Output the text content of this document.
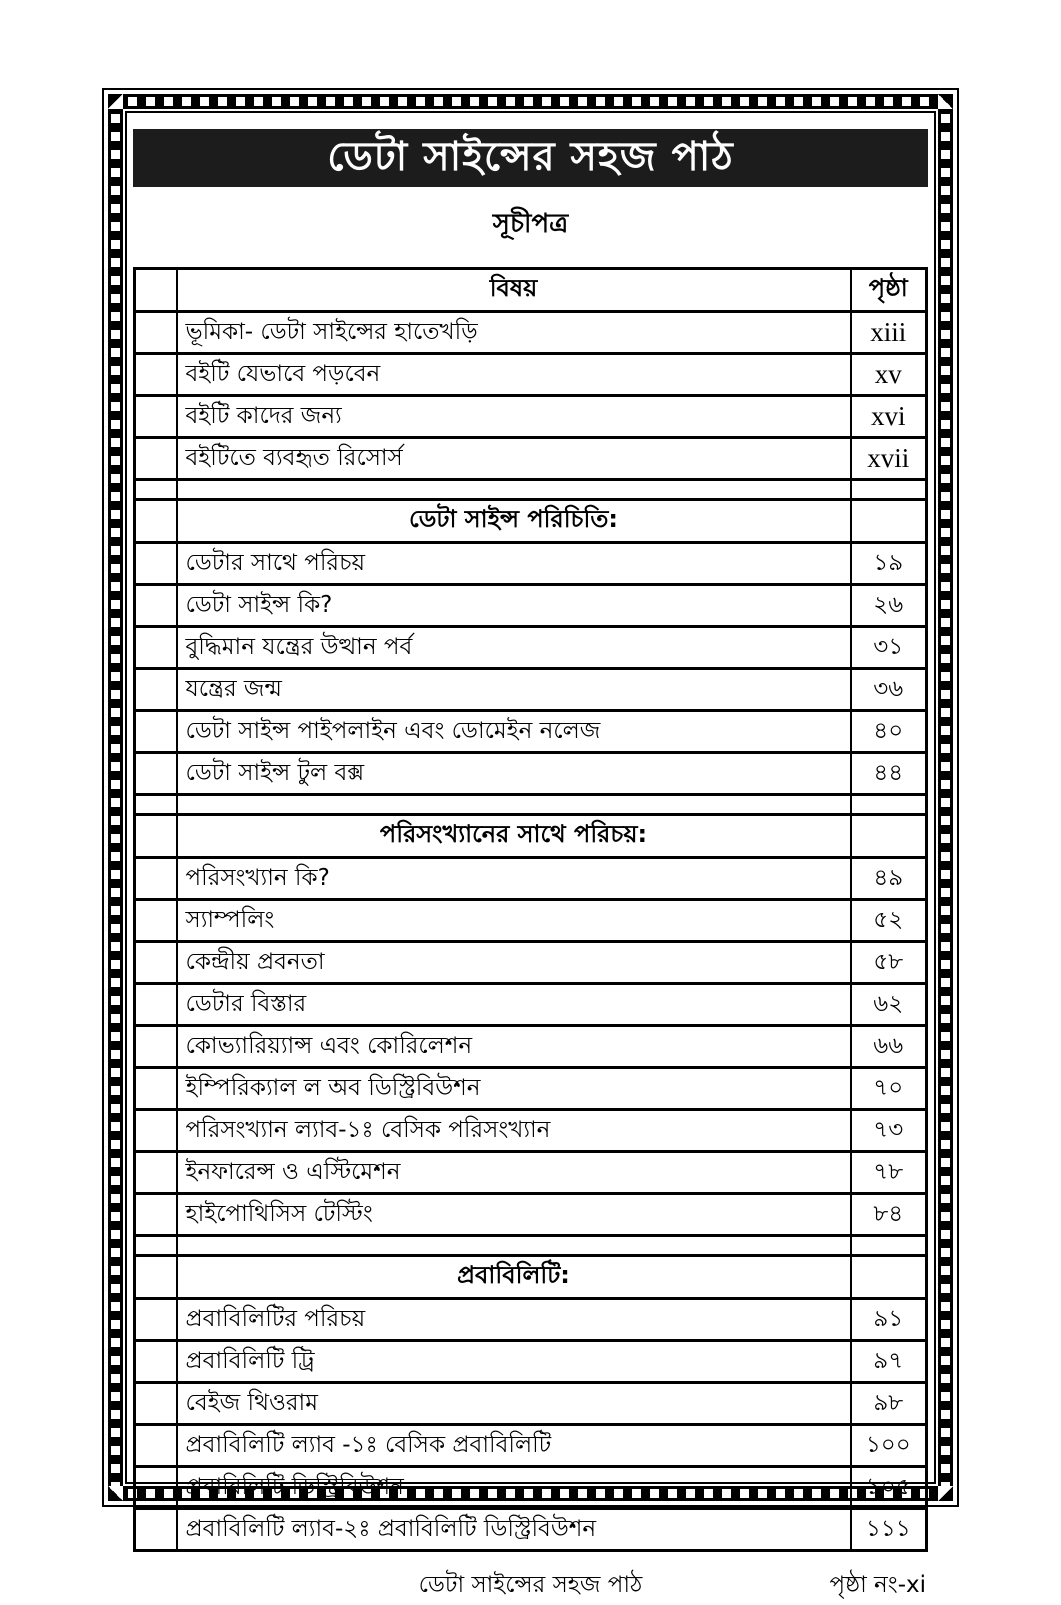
ডেটা সাইন্সের সহজ পাঠ
সূচীপত্র
	বিষয়	পৃষ্ঠা
	ভূমিকা- ডেটা সাইন্সের হাতেখড়ি	xiii
	বইটি যেভাবে পড়বেন	xv
	বইটি কাদের জন্য	xvi
	বইটিতে ব্যবহৃত রিসোর্স	xvii

	ডেটা সাইন্স পরিচিতি:	
	ডেটার সাথে পরিচয়	১৯
	ডেটা সাইন্স কি?	২৬
	বুদ্ধিমান যন্ত্রের উত্থান পর্ব	৩১
	যন্ত্রের জন্ম	৩৬
	ডেটা সাইন্স পাইপলাইন এবং ডোমেইন নলেজ	৪০
	ডেটা সাইন্স টুল বক্স	৪৪

	পরিসংখ্যানের সাথে পরিচয়:	
	পরিসংখ্যান কি?	৪৯
	স্যাম্পলিং	৫২
	কেন্দ্রীয় প্রবনতা	৫৮
	ডেটার বিস্তার	৬২
	কোভ্যারিয়্যান্স এবং কোরিলেশন	৬৬
	ইম্পিরিক্যাল ল অব ডিস্ট্রিবিউশন	৭০
	পরিসংখ্যান ল্যাব-১ঃ বেসিক পরিসংখ্যান	৭৩
	ইনফারেন্স ও এস্টিমেশন	৭৮
	হাইপোথিসিস টেস্টিং	৮৪

	প্রবাবিলিটি:	
	প্রবাবিলিটির পরিচয়	৯১
	প্রবাবিলিটি ট্রি	৯৭
	বেইজ থিওরাম	৯৮
	প্রবাবিলিটি ল্যাব -১ঃ বেসিক প্রবাবিলিটি	১০০
	প্রবাবিলিটি ডিস্ট্রিবিউশন	১০৫
	প্রবাবিলিটি ল্যাব-২ঃ প্রবাবিলিটি ডিস্ট্রিবিউশন	১১১
ডেটা সাইন্সের সহজ পাঠ	পৃষ্ঠা নং-xi
